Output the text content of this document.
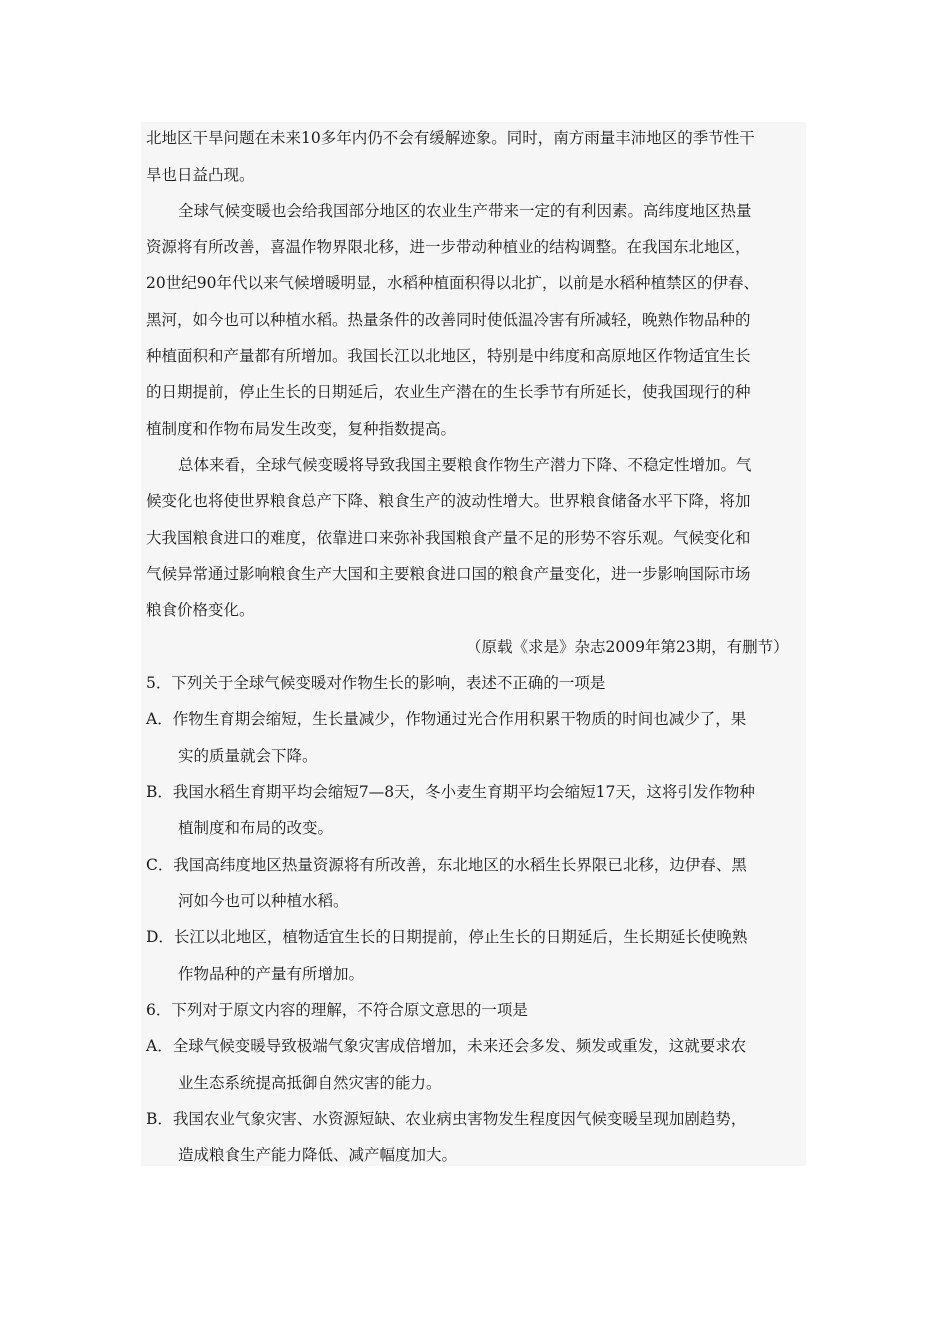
北地区干旱问题在未来10多年内仍不会有缓解迹象。同时，南方雨量丰沛地区的季节性干
旱也日益凸现。
全球气候变暖也会给我国部分地区的农业生产带来一定的有利因素。高纬度地区热量
资源将有所改善，喜温作物界限北移，进一步带动种植业的结构调整。在我国东北地区，
20世纪90年代以来气候增暖明显，水稻种植面积得以北扩，以前是水稻种植禁区的伊春、
黑河，如今也可以种植水稻。热量条件的改善同时使低温冷害有所减轻，晚熟作物品种的
种植面积和产量都有所增加。我国长江以北地区，特别是中纬度和高原地区作物适宜生长
的日期提前，停止生长的日期延后，农业生产潜在的生长季节有所延长，使我国现行的种
植制度和作物布局发生改变，复种指数提高。
总体来看，全球气候变暖将导致我国主要粮食作物生产潜力下降、不稳定性增加。气
候变化也将使世界粮食总产下降、粮食生产的波动性增大。世界粮食储备水平下降，将加
大我国粮食进口的难度，依靠进口来弥补我国粮食产量不足的形势不容乐观。气候变化和
气候异常通过影响粮食生产大国和主要粮食进口国的粮食产量变化，进一步影响国际市场
粮食价格变化。
（原载《求是》杂志2009年第23期，有删节）
5．下列关于全球气候变暖对作物生长的影响，表述不正确的一项是
A．作物生育期会缩短，生长量减少，作物通过光合作用积累干物质的时间也减少了，果
实的质量就会下降。
B．我国水稻生育期平均会缩短7—8天，冬小麦生育期平均会缩短17天，这将引发作物种
植制度和布局的改变。
C．我国高纬度地区热量资源将有所改善，东北地区的水稻生长界限已北移，边伊春、黑
河如今也可以种植水稻。
D．长江以北地区，植物适宜生长的日期提前，停止生长的日期延后，生长期延长使晚熟
作物品种的产量有所增加。
6．下列对于原文内容的理解，不符合原文意思的一项是
A．全球气候变暖导致极端气象灾害成倍增加，未来还会多发、频发或重发，这就要求农
业生态系统提高抵御自然灾害的能力。
B．我国农业气象灾害、水资源短缺、农业病虫害物发生程度因气候变暖呈现加剧趋势，
造成粮食生产能力降低、减产幅度加大。
